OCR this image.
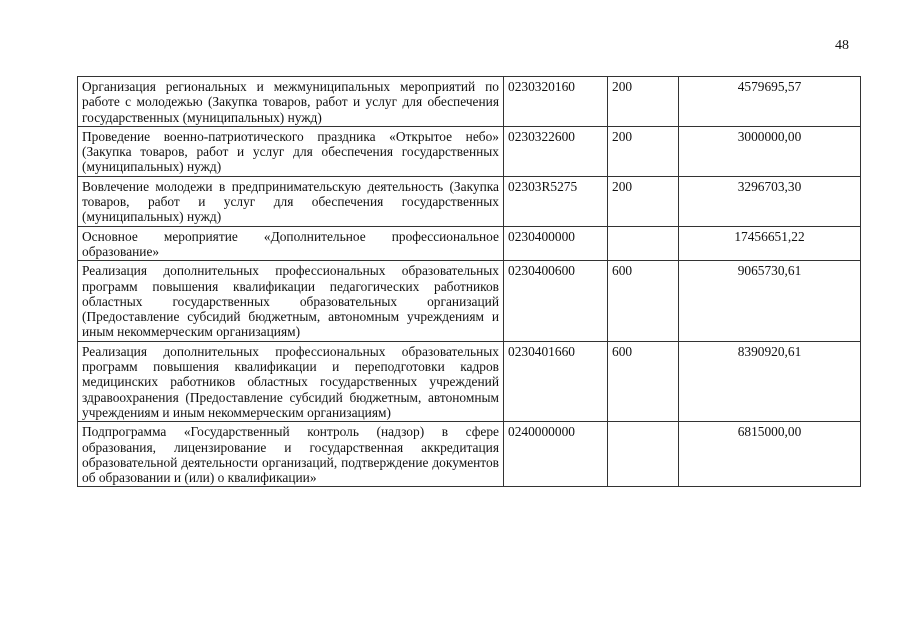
48
Организация региональных и межмуниципальных мероприятий по работе с молодежью (Закупка товаров, работ и услуг для обеспечения государственных (муниципальных) нужд)	0230320160	200	4579695,57
Проведение военно-патриотического праздника «Открытое небо» (Закупка товаров, работ и услуг для обеспечения государственных (муниципальных) нужд)	0230322600	200	3000000,00
Вовлечение молодежи в предпринимательскую деятельность (Закупка товаров, работ и услуг для обеспечения государственных (муниципальных) нужд)	02303R5275	200	3296703,30
Основное мероприятие «Дополнительное профессиональное образование»	0230400000		17456651,22
Реализация дополнительных профессиональных образовательных программ повышения квалификации педагогических работников областных государственных образовательных организаций (Предоставление субсидий бюджетным, автономным учреждениям и иным некоммерческим организациям)	0230400600	600	9065730,61
Реализация дополнительных профессиональных образовательных программ повышения квалификации и переподготовки кадров медицинских работников областных государственных учреждений здравоохранения (Предоставление субсидий бюджетным, автономным учреждениям и иным некоммерческим организациям)	0230401660	600	8390920,61
Подпрограмма «Государственный контроль (надзор) в сфере образования, лицензирование и государственная аккредитация образовательной деятельности организаций, подтверждение документов об образовании и (или) о квалификации»	0240000000		6815000,00
